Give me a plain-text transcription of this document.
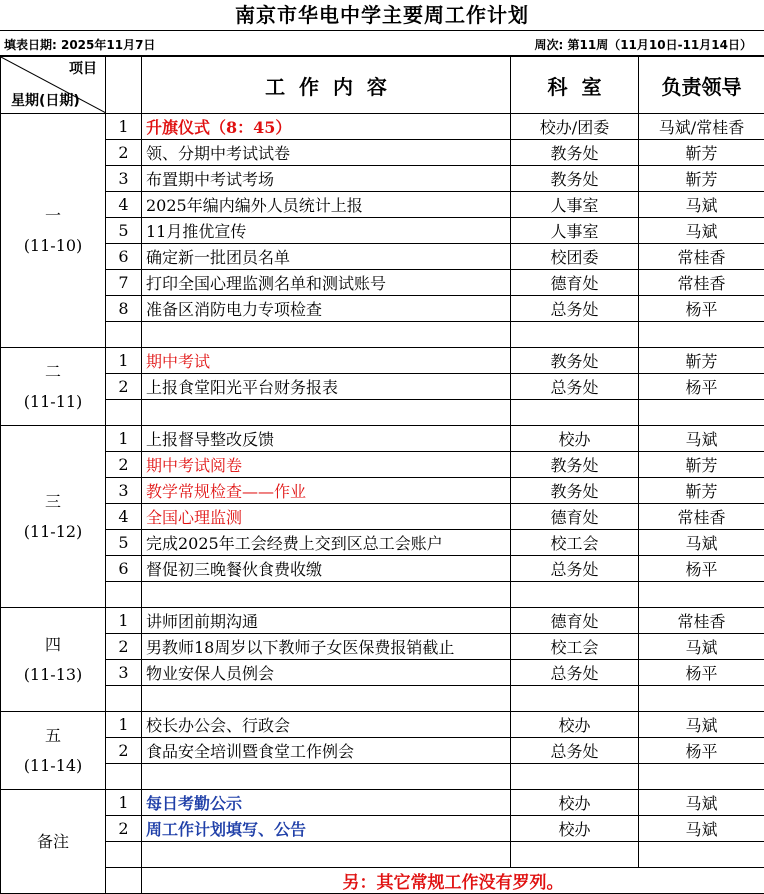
南京市华电中学主要周工作计划
填表日期: 2025年11月7日	周次: 第11周（11月10日-11月14日）
项目
星期(日期)		工  作  内  容	科  室	负责领导

一
(11-10)	1	升旗仪式（8：45）	校办/团委	马斌/常桂香
	2	领、分期中考试试卷	教务处	靳芳
	3	布置期中考试考场	教务处	靳芳
	4	2025年编内编外人员统计上报	人事室	马斌
	5	11月推优宣传	人事室	马斌
	6	确定新一批团员名单	校团委	常桂香
	7	打印全国心理监测名单和测试账号	德育处	常桂香
	8	准备区消防电力专项检查	总务处	杨平

二
(11-11)	1	期中考试	教务处	靳芳
	2	上报食堂阳光平台财务报表	总务处	杨平

三
(11-12)	1	上报督导整改反馈	校办	马斌
	2	期中考试阅卷	教务处	靳芳
	3	教学常规检查——作业	教务处	靳芳
	4	全国心理监测	德育处	常桂香
	5	完成2025年工会经费上交到区总工会账户	校工会	马斌
	6	督促初三晚餐伙食费收缴	总务处	杨平

四
(11-13)	1	讲师团前期沟通	德育处	常桂香
	2	男教师18周岁以下教师子女医保费报销截止	校工会	马斌
	3	物业安保人员例会	总务处	杨平

五
(11-14)	1	校长办公会、行政会	校办	马斌
	2	食品安全培训暨食堂工作例会	总务处	杨平

备注	1	每日考勤公示	校办	马斌
	2	周工作计划填写、公告	校办	马斌

		另：其它常规工作没有罗列。		
